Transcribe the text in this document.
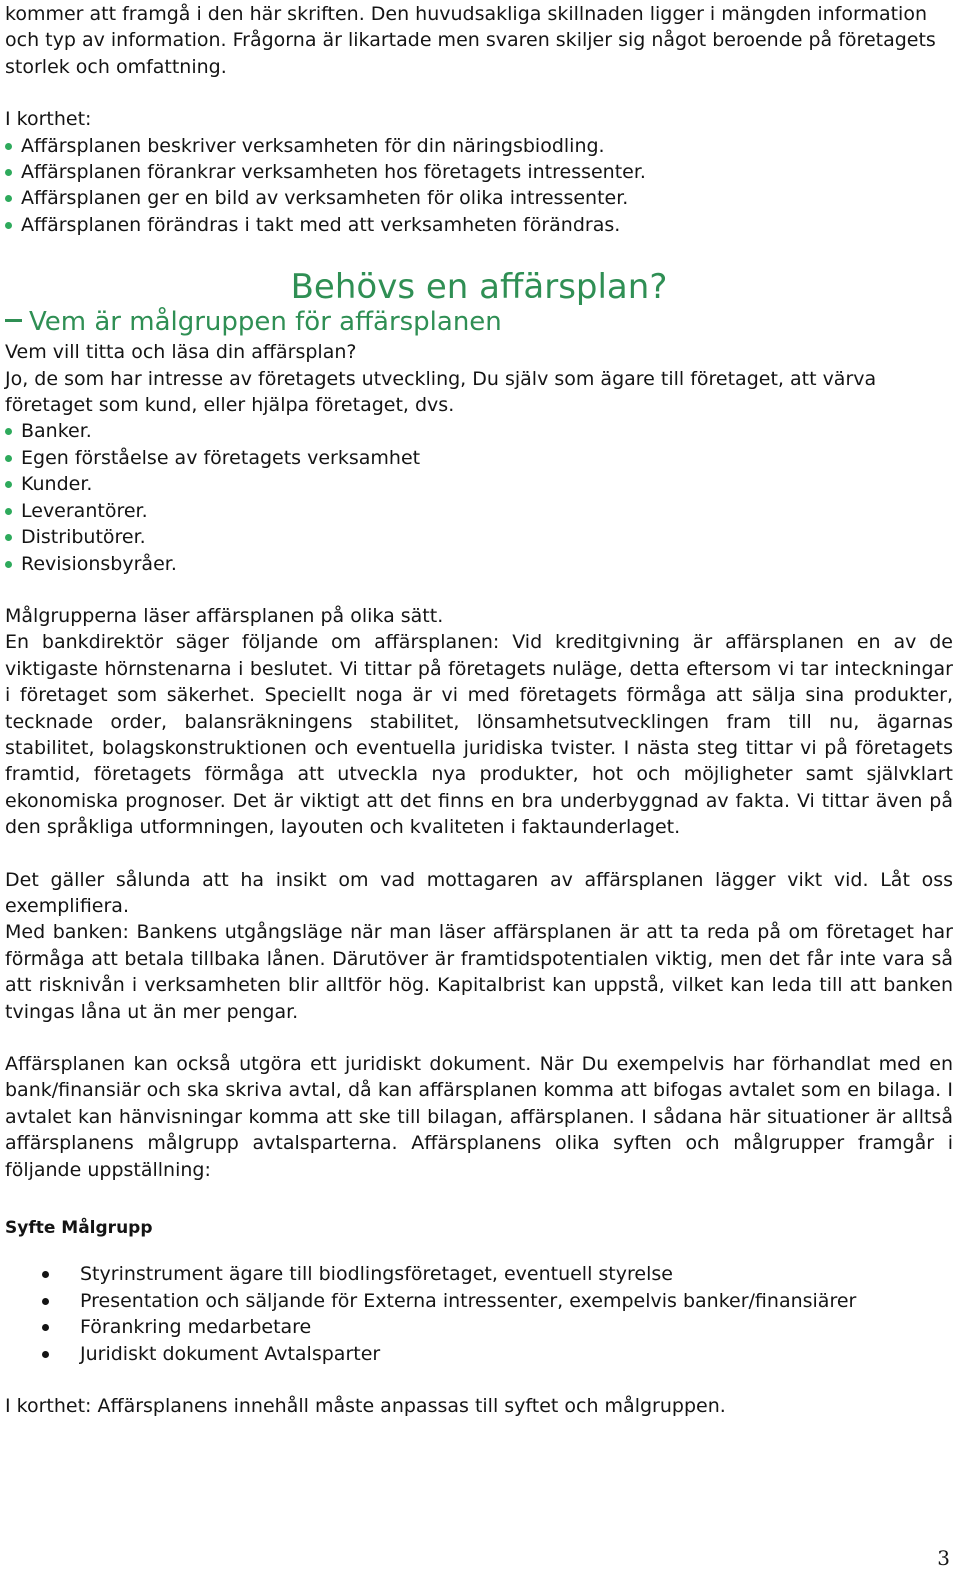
kommer att framgå i den här skriften. Den huvudsakliga skillnaden ligger i mängden information och typ av information. Frågorna är likartade men svaren skiljer sig något beroende på företagets storlek och omfattning.

I korthet:

Affärsplanen beskriver verksamheten för din näringsbiodling.
Affärsplanen förankrar verksamheten hos företagets intressenter.
Affärsplanen ger en bild av verksamheten för olika intressenter.
Affärsplanen förändras i takt med att verksamheten förändras.
Behövs en affärsplan?
Vem är målgruppen för affärsplanen

Vem vill titta och läsa din affärsplan?

Jo, de som har intresse av företagets utveckling, Du själv som ägare till företaget, att värva företaget som kund, eller hjälpa företaget, dvs.

Banker.
Egen förståelse av företagets verksamhet
Kunder.
Leverantörer.
Distributörer.
Revisionsbyråer.

Målgrupperna läser affärsplanen på olika sätt.

En bankdirektör säger följande om affärsplanen: Vid kreditgivning är affärsplanen en av de viktigaste hörnstenarna i beslutet. Vi tittar på företagets nuläge, detta eftersom vi tar inteckningar i företaget som säkerhet. Speciellt noga är vi med företagets förmåga att sälja sina produkter, tecknade order, balansräkningens stabilitet, lönsamhetsutvecklingen fram till nu, ägarnas stabilitet, bolagskonstruktionen och eventuella juridiska tvister. I nästa steg tittar vi på företagets framtid, företagets förmåga att utveckla nya produkter, hot och möjligheter samt självklart ekonomiska prognoser. Det är viktigt att det finns en bra underbyggnad av fakta. Vi tittar även på den språkliga utformningen, layouten och kvaliteten i faktaunderlaget.

Det gäller sålunda att ha insikt om vad mottagaren av affärsplanen lägger vikt vid. Låt oss exemplifiera.

Med banken: Bankens utgångsläge när man läser affärsplanen är att ta reda på om företaget har förmåga att betala tillbaka lånen. Därutöver är framtidspotentialen viktig, men det får inte vara så att risknivån i verksamheten blir alltför hög. Kapitalbrist kan uppstå, vilket kan leda till att banken tvingas låna ut än mer pengar.

Affärsplanen kan också utgöra ett juridiskt dokument. När Du exempelvis har förhandlat med en bank/finansiär och ska skriva avtal, då kan affärsplanen komma att bifogas avtalet som en bilaga. I avtalet kan hänvisningar komma att ske till bilagan, affärsplanen. I sådana här situationer är alltså affärsplanens målgrupp avtalsparterna. Affärsplanens olika syften och målgrupper framgår i följande uppställning:

Syfte Målgrupp

Styrinstrument ägare till biodlingsföretaget, eventuell styrelse
Presentation och säljande för Externa intressenter, exempelvis banker/finansiärer
Förankring medarbetare
Juridiskt dokument Avtalsparter

I korthet: Affärsplanens innehåll måste anpassas till syftet och målgruppen.

3
